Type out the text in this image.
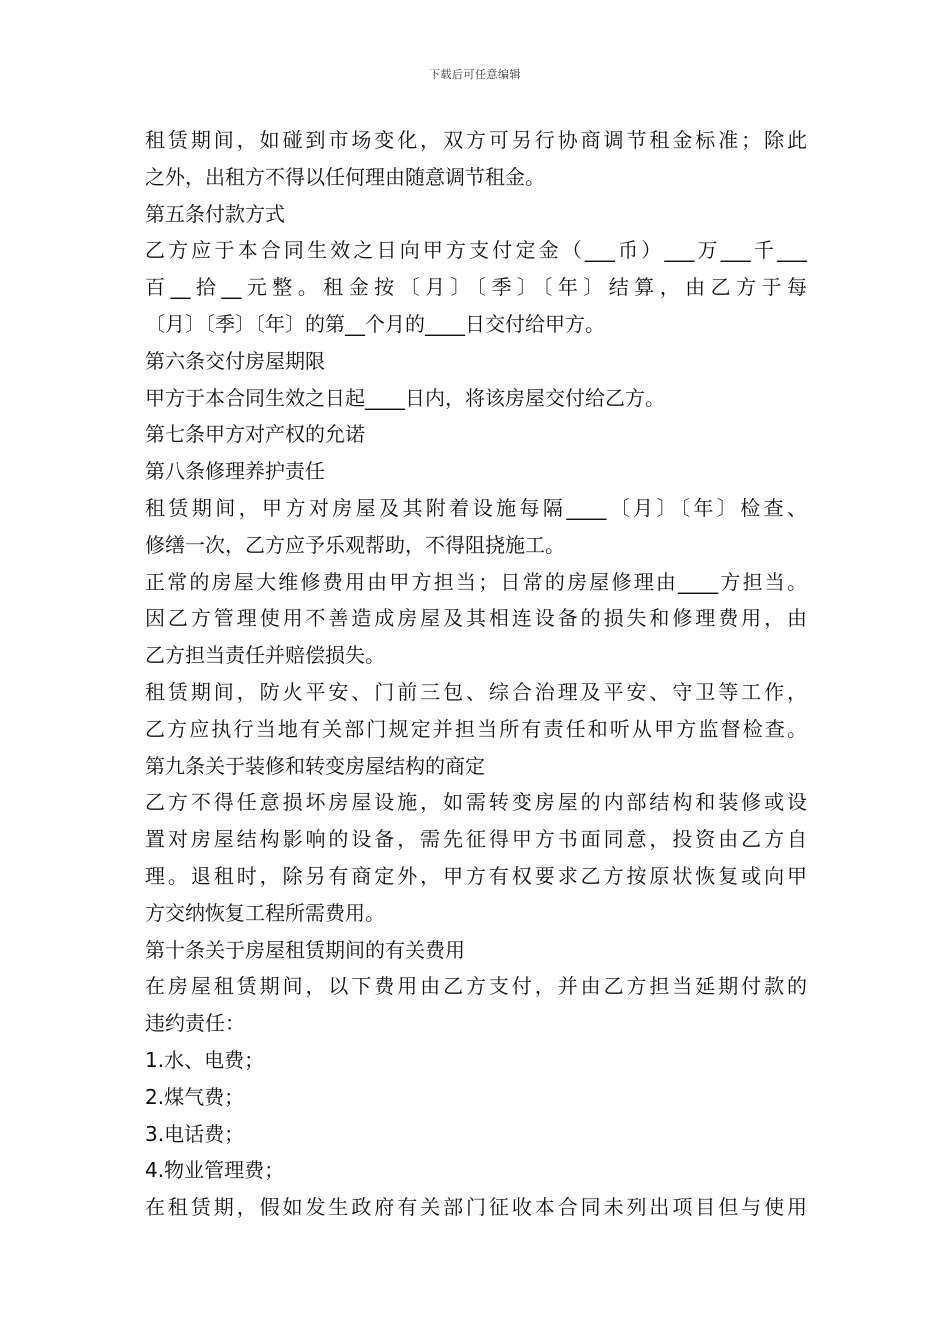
下载后可任意编辑
租赁期间，如碰到市场变化，双方可另行协商调节租金标准；除此
之外，出租方不得以任何理由随意调节租金。
第五条付款方式
乙方应于本合同生效之日向甲方支付定金（___币）___万___千___
百__拾__元整。租金按〔月〕〔季〕〔年〕结算，由乙方于每
〔月〕〔季〕〔年〕的第__个月的____日交付给甲方。
第六条交付房屋期限
甲方于本合同生效之日起____日内，将该房屋交付给乙方。
第七条甲方对产权的允诺
第八条修理养护责任
租赁期间，甲方对房屋及其附着设施每隔____〔月〕〔年〕检查、
修缮一次，乙方应予乐观帮助，不得阻挠施工。
正常的房屋大维修费用由甲方担当；日常的房屋修理由____方担当。
因乙方管理使用不善造成房屋及其相连设备的损失和修理费用，由
乙方担当责任并赔偿损失。
租赁期间，防火平安、门前三包、综合治理及平安、守卫等工作，
乙方应执行当地有关部门规定并担当所有责任和听从甲方监督检查。
第九条关于装修和转变房屋结构的商定
乙方不得任意损坏房屋设施，如需转变房屋的内部结构和装修或设
置对房屋结构影响的设备，需先征得甲方书面同意，投资由乙方自
理。退租时，除另有商定外，甲方有权要求乙方按原状恢复或向甲
方交纳恢复工程所需费用。
第十条关于房屋租赁期间的有关费用
在房屋租赁期间，以下费用由乙方支付，并由乙方担当延期付款的
违约责任：
1.水、电费；
2.煤气费；
3.电话费；
4.物业管理费；
在租赁期，假如发生政府有关部门征收本合同未列出项目但与使用
